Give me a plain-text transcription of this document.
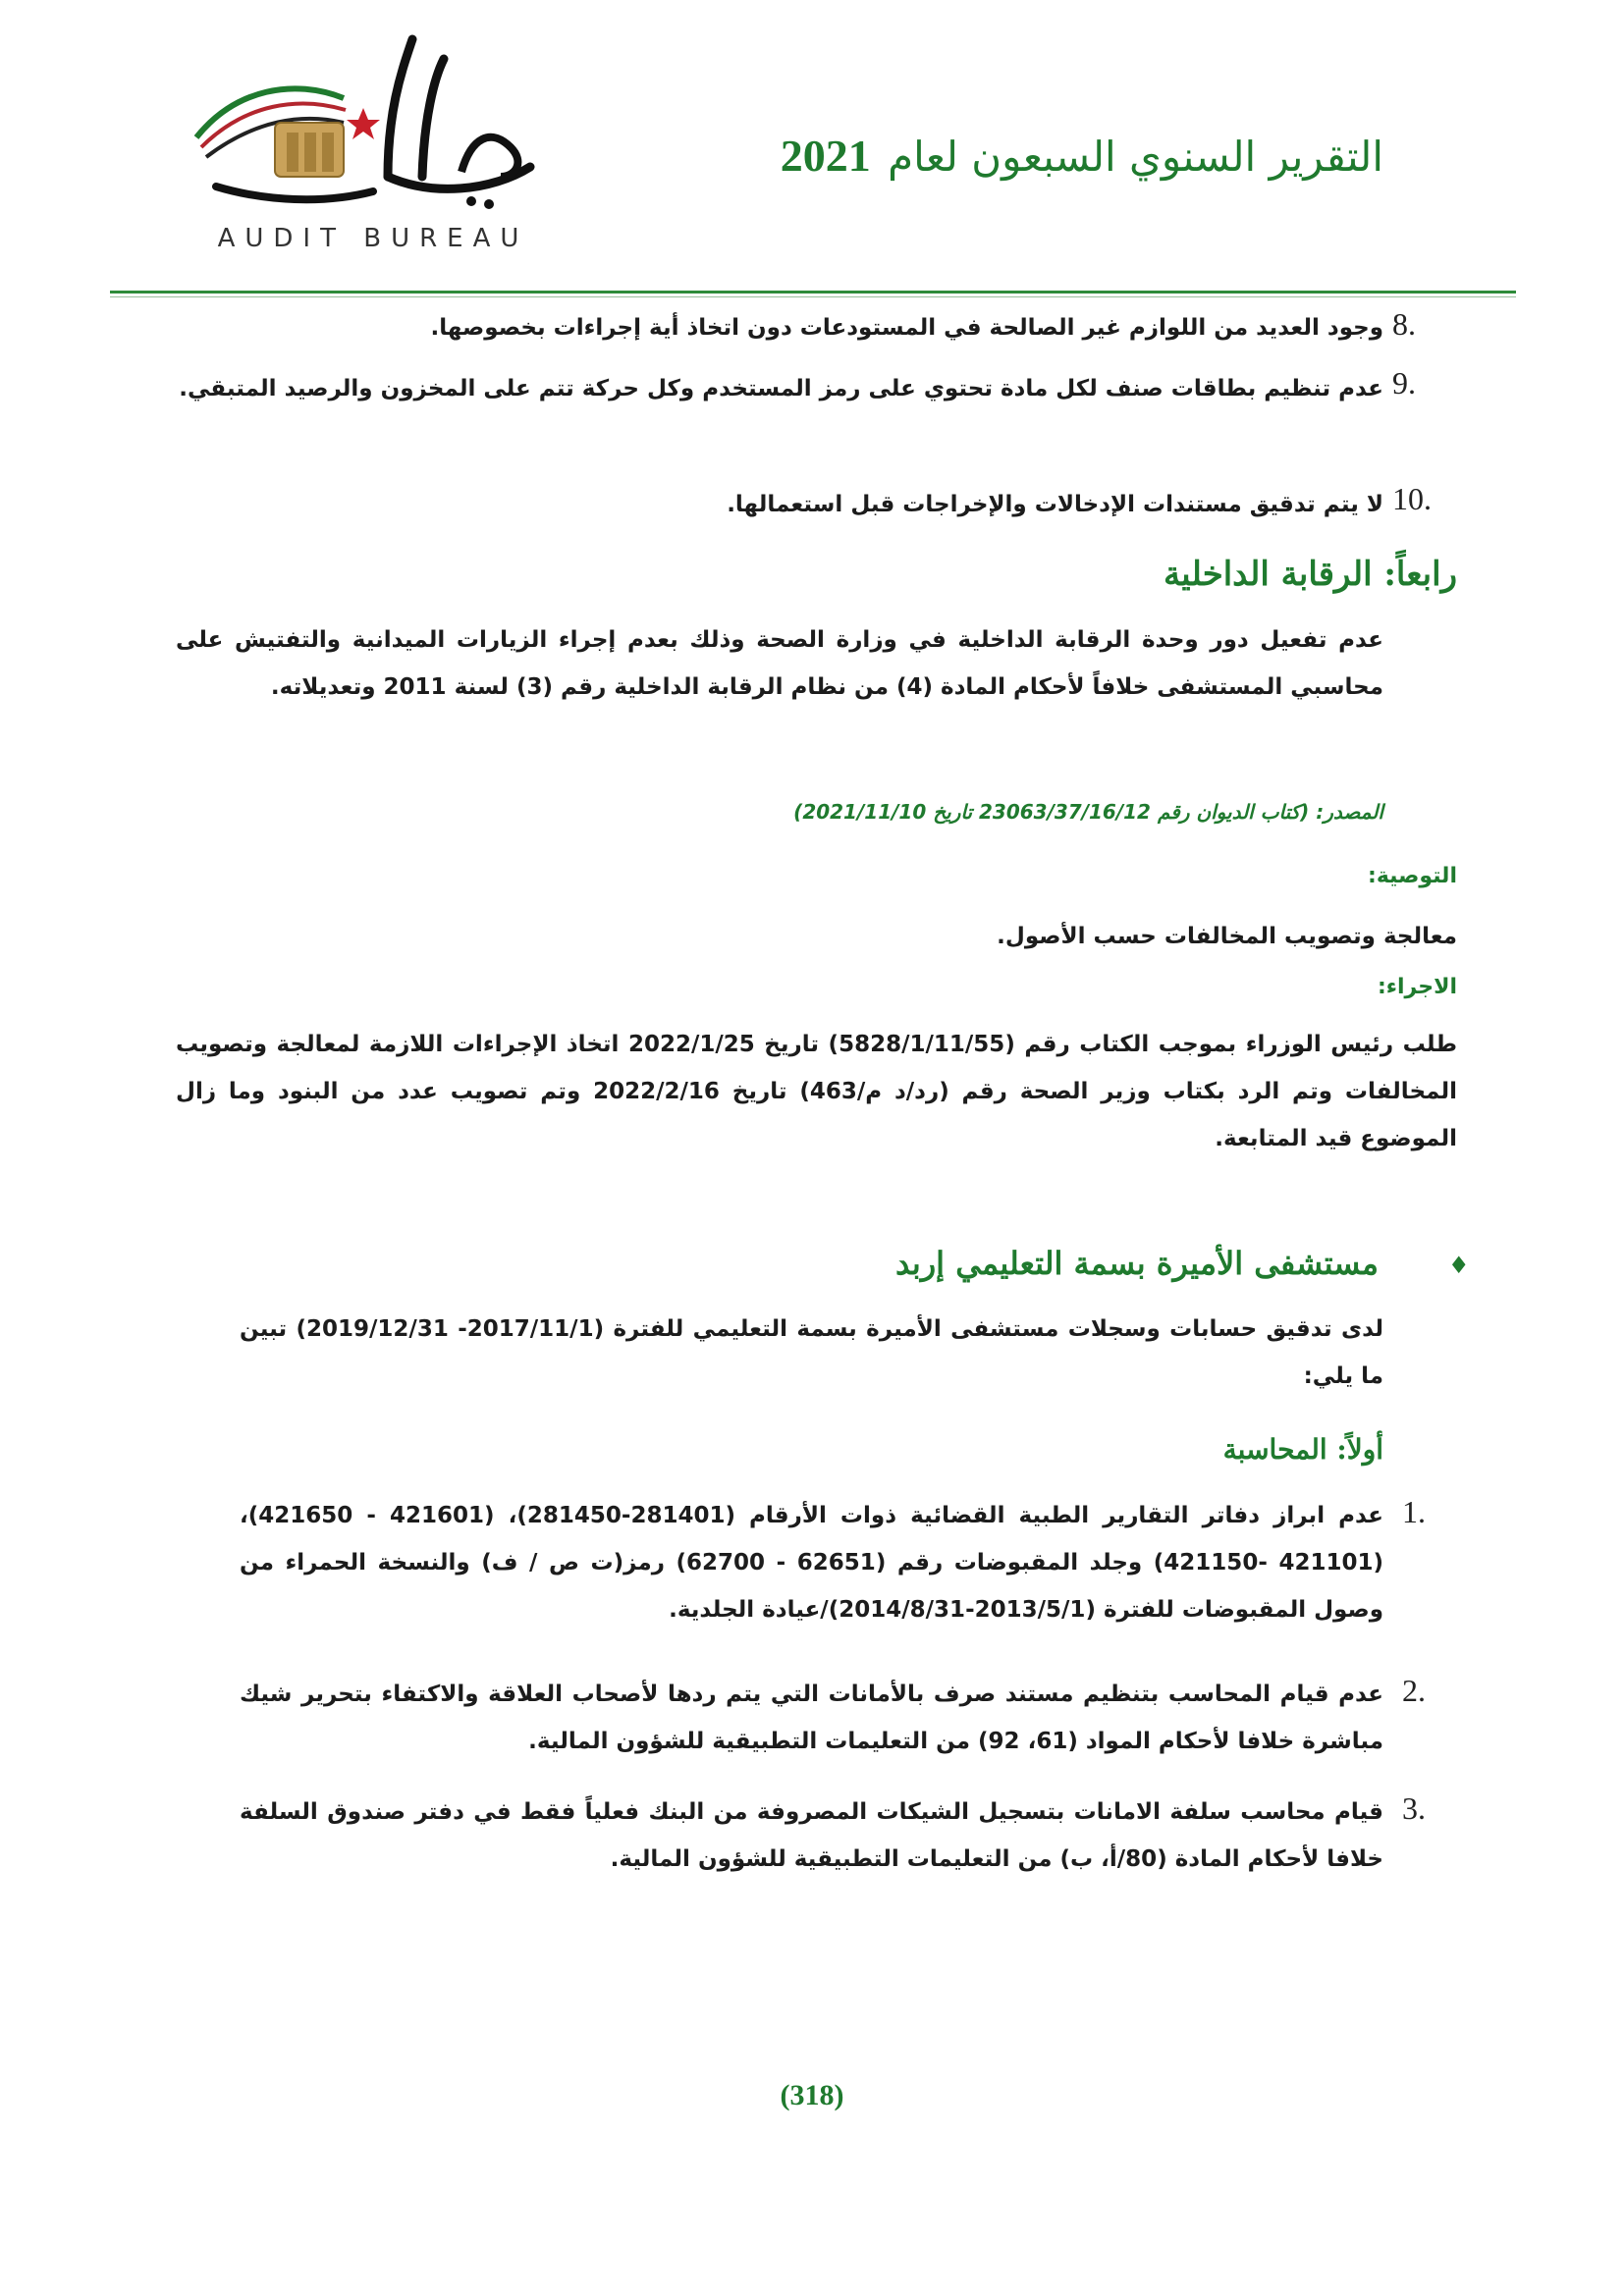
AUDIT BUREAU
التقرير السنوي السبعون لعام 2021
وجود العديد من اللوازم غير الصالحة في المستودعات دون اتخاذ أية إجراءات بخصوصها. 8.
عدم تنظيم بطاقات صنف لكل مادة تحتوي على رمز المستخدم وكل حركة تتم على المخزون والرصيد المتبقي. 9.
لا يتم تدقيق مستندات الإدخالات والإخراجات قبل استعمالها. 10.
رابعاً: الرقابة الداخلية
عدم تفعيل دور وحدة الرقابة الداخلية في وزارة الصحة وذلك بعدم إجراء الزيارات الميدانية والتفتيش على محاسبي المستشفى خلافاً لأحكام المادة (4) من نظام الرقابة الداخلية رقم (3) لسنة 2011 وتعديلاته.
المصدر: (كتاب الديوان رقم 23063/37/16/12 تاريخ 2021/11/10)
التوصية:
معالجة وتصويب المخالفات حسب الأصول.
الاجراء:
طلب رئيس الوزراء بموجب الكتاب رقم (5828/1/11/55) تاريخ 2022/1/25 اتخاذ الإجراءات اللازمة لمعالجة وتصويب المخالفات وتم الرد بكتاب وزير الصحة رقم (رد/د م/463) تاريخ 2022/2/16 وتم تصويب عدد من البنود وما زال الموضوع قيد المتابعة.
♦
مستشفى الأميرة بسمة التعليمي إربد
لدى تدقيق حسابات وسجلات مستشفى الأميرة بسمة التعليمي للفترة (2017/11/1- 2019/12/31) تبين ما يلي:
أولاً: المحاسبة
عدم ابراز دفاتر التقارير الطبية القضائية ذوات الأرقام (281401-281450)، (421601 - 421650)، (421101 -421150) وجلد المقبوضات رقم (62651 - 62700) رمز(ت ص / ف) والنسخة الحمراء من وصول المقبوضات للفترة (2013/5/1-2014/8/31)/عيادة الجلدية.
1.
عدم قيام المحاسب بتنظيم مستند صرف بالأمانات التي يتم ردها لأصحاب العلاقة والاكتفاء بتحرير شيك مباشرة خلافا لأحكام المواد (61، 92) من التعليمات التطبيقية للشؤون المالية.
2.
قيام محاسب سلفة الامانات بتسجيل الشيكات المصروفة من البنك فعلياً فقط في دفتر صندوق السلفة خلافا لأحكام المادة (80/أ، ب) من التعليمات التطبيقية للشؤون المالية.
3.
(318)
